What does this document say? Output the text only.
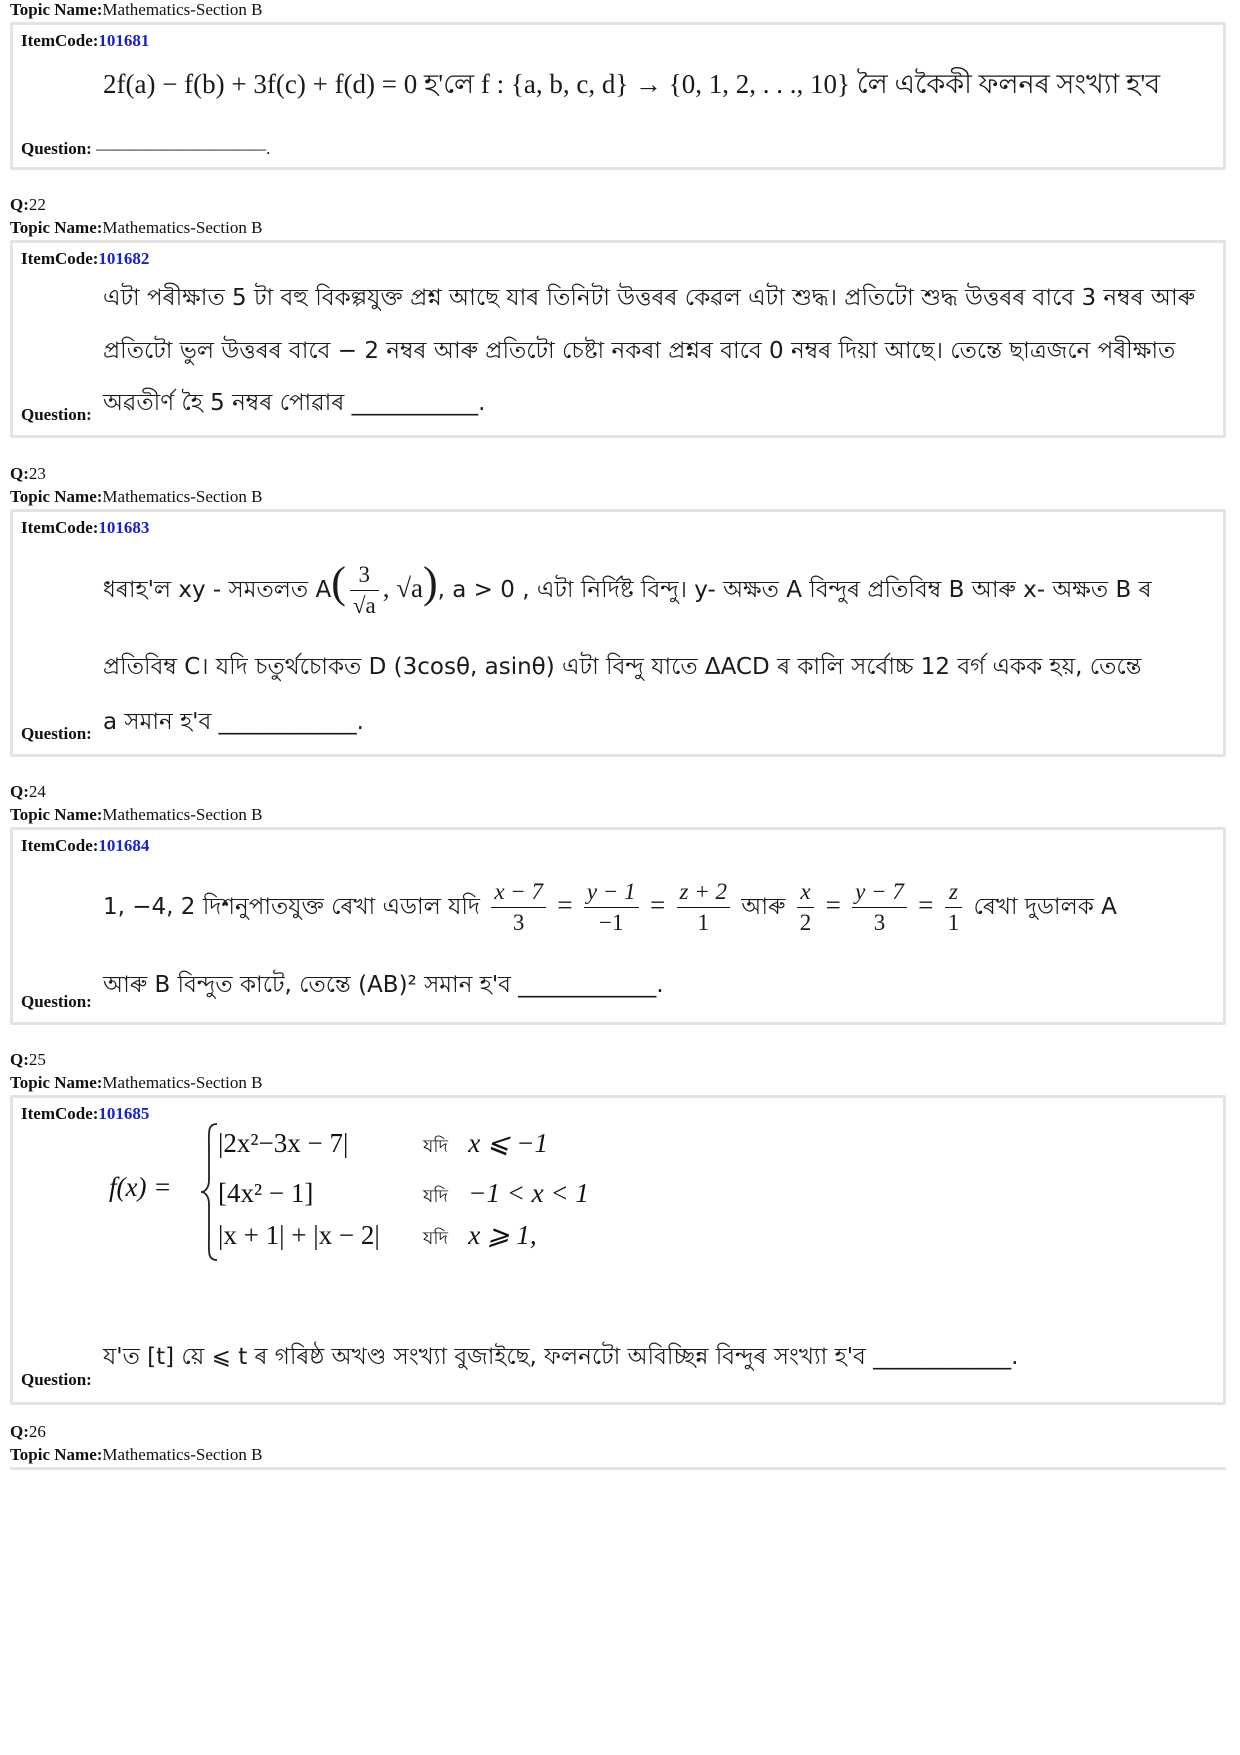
Topic Name:Mathematics-Section B
ItemCode:101681
2f(a) − f(b) + 3f(c) + f(d) = 0 হ'লে f : {a, b, c, d} → {0, 1, 2, . . ., 10} লৈ একৈকী ফলনৰ সংখ্যা হ'ব
Question: ——————————.
Q:22
Topic Name:Mathematics-Section B
ItemCode:101682
এটা পৰীক্ষাত 5 টা বহু বিকল্পযুক্ত প্ৰশ্ন আছে যাৰ তিনিটা উত্তৰৰ কেৱল এটা শুদ্ধ। প্ৰতিটো শুদ্ধ উত্তৰৰ বাবে 3 নম্বৰ আৰু
প্ৰতিটো ভুল উত্তৰৰ বাবে − 2 নম্বৰ আৰু প্ৰতিটো চেষ্টা নকৰা প্ৰশ্নৰ বাবে 0 নম্বৰ দিয়া আছে। তেন্তে ছাত্ৰজনে পৰীক্ষাত
অৱতীৰ্ণ হৈ 5 নম্বৰ পোৱাৰ ___________.
Question:
Q:23
Topic Name:Mathematics-Section B
ItemCode:101683
ধৰাহ'ল xy - সমতলত $A( \frac{3}{√a}$ , √a), a > 0 , এটা নিৰ্দিষ্ট বিন্দু। y- অক্ষত A বিন্দুৰ প্ৰতিবিম্ব B আৰু x- অক্ষত B ৰ
প্ৰতিবিম্ব C। যদি চতুৰ্থচোকত D (3cosθ, asinθ) এটা বিন্দু যাতে ΔACD ৰ কালি সৰ্বোচ্চ 12 বৰ্গ একক হয়, তেন্তে
a সমান হ'ব ____________.
Question:
Q:24
Topic Name:Mathematics-Section B
ItemCode:101684
1, −4, 2 দিশনুপাতযুক্ত ৰেখা এডাল যদি $\frac{x - 7}{3} = \frac{y - 1}{-1} = \frac{z + 2}{1}$ আৰু $\frac{x}{2} = \frac{y - 7}{3} = \frac{z}{1}$ ৰেখা দুডালক A
আৰু B বিন্দুত কাটে, তেন্তে (AB)² সমান হ'ব ____________.
Question:
Q:25
Topic Name:Mathematics-Section B
ItemCode:101685
f(x) =
|2x²−3x − 7|
[4x² − 1]
|x + 1| + |x − 2|
যদি x ⩽ −1
যদি −1 < x < 1
যদি x ⩾ 1,
য'ত [t] য়ে ⩽ t ৰ গৰিষ্ঠ অখণ্ড সংখ্যা বুজাইছে, ফলনটো অবিচ্ছিন্ন বিন্দুৰ সংখ্যা হ'ব ____________.
Question:
Q:26
Topic Name:Mathematics-Section B
